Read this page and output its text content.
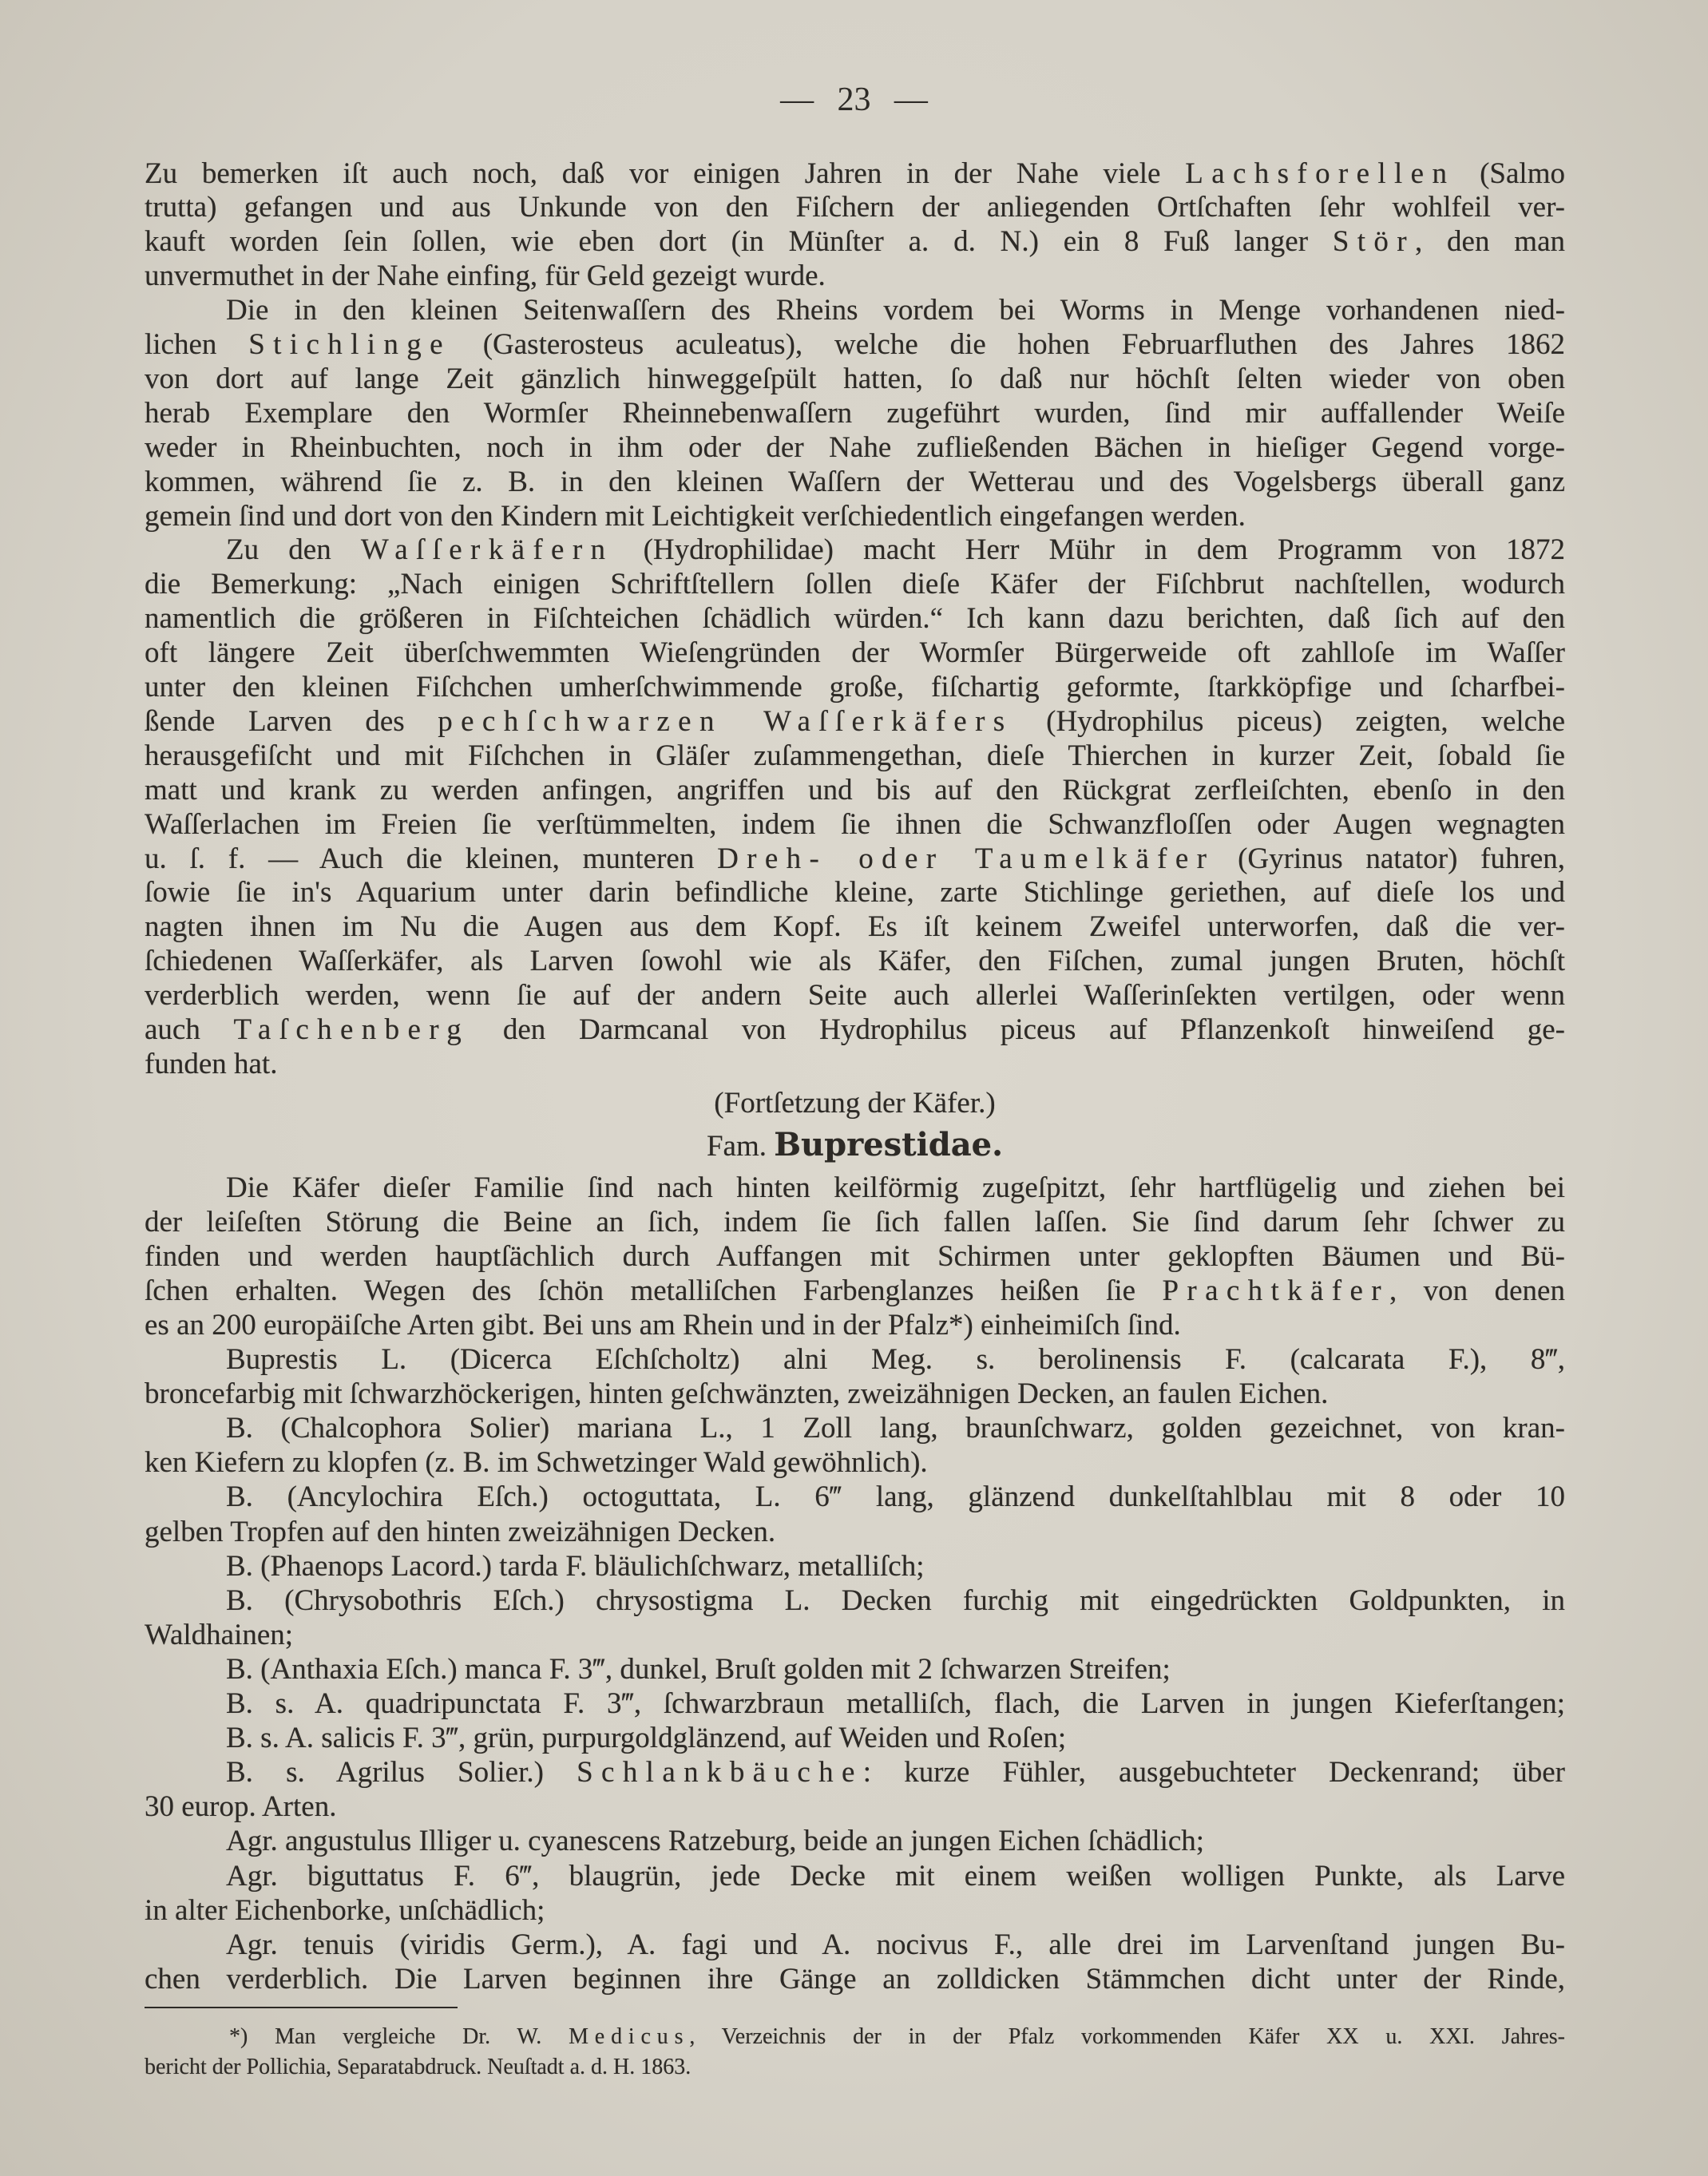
— 23 —
Zu bemerken iſt auch noch, daß vor einigen Jahren in der Nahe viele Lachsforellen (Salmo
trutta) gefangen und aus Unkunde von den Fiſchern der anliegenden Ortſchaften ſehr wohlfeil ver-
kauft worden ſein ſollen, wie eben dort (in Münſter a. d. N.) ein 8 Fuß langer Stör, den man
unvermuthet in der Nahe einfing, für Geld gezeigt wurde.
Die in den kleinen Seitenwaſſern des Rheins vordem bei Worms in Menge vorhandenen nied-
lichen Stichlinge (Gasterosteus aculeatus), welche die hohen Februarfluthen des Jahres 1862
von dort auf lange Zeit gänzlich hinweggeſpült hatten, ſo daß nur höchſt ſelten wieder von oben
herab Exemplare den Wormſer Rheinnebenwaſſern zugeführt wurden, ſind mir auffallender Weiſe
weder in Rheinbuchten, noch in ihm oder der Nahe zufließenden Bächen in hieſiger Gegend vorge-
kommen, während ſie z. B. in den kleinen Waſſern der Wetterau und des Vogelsbergs überall ganz
gemein ſind und dort von den Kindern mit Leichtigkeit verſchiedentlich eingefangen werden.
Zu den Waſſerkäfern (Hydrophilidae) macht Herr Mühr in dem Programm von 1872
die Bemerkung: „Nach einigen Schriftſtellern ſollen dieſe Käfer der Fiſchbrut nachſtellen, wodurch
namentlich die größeren in Fiſchteichen ſchädlich würden.“ Ich kann dazu berichten, daß ſich auf den
oft längere Zeit überſchwemmten Wieſengründen der Wormſer Bürgerweide oft zahlloſe im Waſſer
unter den kleinen Fiſchchen umherſchwimmende große, fiſchartig geformte, ſtarkköpfige und ſcharfbei-
ßende Larven des pechſchwarzen Waſſerkäfers (Hydrophilus piceus) zeigten, welche
herausgefiſcht und mit Fiſchchen in Gläſer zuſammengethan, dieſe Thierchen in kurzer Zeit, ſobald ſie
matt und krank zu werden anfingen, angriffen und bis auf den Rückgrat zerfleiſchten, ebenſo in den
Waſſerlachen im Freien ſie verſtümmelten, indem ſie ihnen die Schwanzfloſſen oder Augen wegnagten
u. ſ. f. — Auch die kleinen, munteren Dreh- oder Taumelkäfer (Gyrinus natator) fuhren,
ſowie ſie in's Aquarium unter darin befindliche kleine, zarte Stichlinge geriethen, auf dieſe los und
nagten ihnen im Nu die Augen aus dem Kopf. Es iſt keinem Zweifel unterworfen, daß die ver-
ſchiedenen Waſſerkäfer, als Larven ſowohl wie als Käfer, den Fiſchen, zumal jungen Bruten, höchſt
verderblich werden, wenn ſie auf der andern Seite auch allerlei Waſſerinſekten vertilgen, oder wenn
auch Taſchenberg den Darmcanal von Hydrophilus piceus auf Pflanzenkoſt hinweiſend ge-
funden hat.
(Fortſetzung der Käfer.)
Fam. Buprestidae.
Die Käfer dieſer Familie ſind nach hinten keilförmig zugeſpitzt, ſehr hartflügelig und ziehen bei
der leiſeſten Störung die Beine an ſich, indem ſie ſich fallen laſſen. Sie ſind darum ſehr ſchwer zu
finden und werden hauptſächlich durch Auffangen mit Schirmen unter geklopften Bäumen und Bü-
ſchen erhalten. Wegen des ſchön metalliſchen Farbenglanzes heißen ſie Prachtkäfer, von denen
es an 200 europäiſche Arten gibt. Bei uns am Rhein und in der Pfalz*) einheimiſch ſind.
Buprestis L. (Dicerca Eſchſcholtz) alni Meg. s. berolinensis F. (calcarata F.), 8‴,
broncefarbig mit ſchwarzhöckerigen, hinten geſchwänzten, zweizähnigen Decken, an faulen Eichen.
B. (Chalcophora Solier) mariana L., 1 Zoll lang, braunſchwarz, golden gezeichnet, von kran-
ken Kiefern zu klopfen (z. B. im Schwetzinger Wald gewöhnlich).
B. (Ancylochira Eſch.) octoguttata, L. 6‴ lang, glänzend dunkelſtahlblau mit 8 oder 10
gelben Tropfen auf den hinten zweizähnigen Decken.
B. (Phaenops Lacord.) tarda F. bläulichſchwarz, metalliſch;
B. (Chrysobothris Eſch.) chrysostigma L. Decken furchig mit eingedrückten Goldpunkten, in
Waldhainen;
B. (Anthaxia Eſch.) manca F. 3‴, dunkel, Bruſt golden mit 2 ſchwarzen Streifen;
B. s. A. quadripunctata F. 3‴, ſchwarzbraun metalliſch, flach, die Larven in jungen Kieferſtangen;
B. s. A. salicis F. 3‴, grün, purpurgoldglänzend, auf Weiden und Roſen;
B. s. Agrilus Solier.) Schlankbäuche: kurze Fühler, ausgebuchteter Deckenrand; über
30 europ. Arten.
Agr. angustulus Illiger u. cyanescens Ratzeburg, beide an jungen Eichen ſchädlich;
Agr. biguttatus F. 6‴, blaugrün, jede Decke mit einem weißen wolligen Punkte, als Larve
in alter Eichenborke, unſchädlich;
Agr. tenuis (viridis Germ.), A. fagi und A. nocivus F., alle drei im Larvenſtand jungen Bu-
chen verderblich. Die Larven beginnen ihre Gänge an zolldicken Stämmchen dicht unter der Rinde,
*) Man vergleiche Dr. W. Medicus, Verzeichnis der in der Pfalz vorkommenden Käfer XX u. XXI. Jahres-
bericht der Pollichia, Separatabdruck. Neuſtadt a. d. H. 1863.
